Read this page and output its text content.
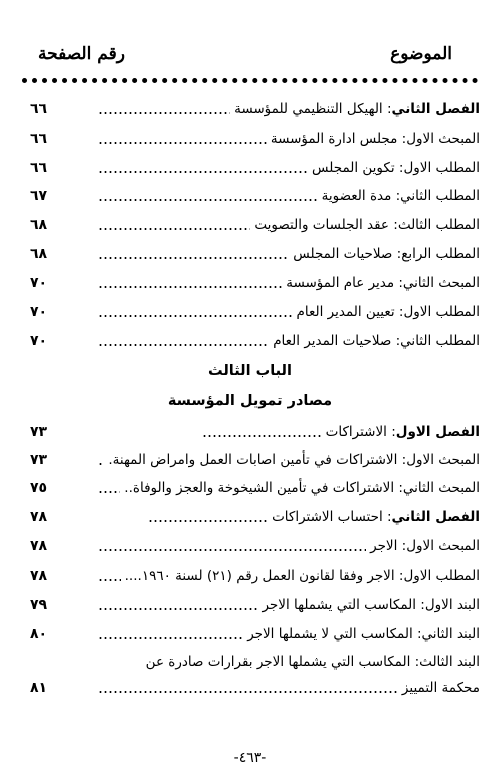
الموضوع
رقم الصفحة
الفصل الثاني: الهيكل التنظيمي للمؤسسة
٦٦
المبحث الاول: مجلس ادارة المؤسسة
٦٦
المطلب الاول: تكوين المجلس
٦٦
المطلب الثاني: مدة العضوية
٦٧
المطلب الثالث: عقد الجلسات والتصويت
٦٨
المطلب الرابع: صلاحيات المجلس
٦٨
المبحث الثاني: مدير عام المؤسسة
٧٠
المطلب الاول: تعيين المدير العام
٧٠
المطلب الثاني: صلاحيات المدير العام
٧٠
الباب الثالث
مصادر تمويل المؤسسة
الفصل الاول: الاشتراكات
٧٣
المبحث الاول: الاشتراكات في تأمين اصابات العمل وامراض المهنة.
٧٣
المبحث الثاني: الاشتراكات في تأمين الشيخوخة والعجز والوفاة..
٧٥
الفصل الثاني: احتساب الاشتراكات
٧٨
المبحث الاول: الاجر
٧٨
المطلب الاول: الاجر وفقا لقانون العمل رقم (٢١) لسنة ١٩٦٠....
٧٨
البند الاول: المكاسب التي يشملها الاجر
٧٩
البند الثاني: المكاسب التي لا يشملها الاجر
٨٠
البند الثالث: المكاسب التي يشملها الاجر بقرارات صادرة عن
محكمة التمييز
٨١
-٤٦٣-
